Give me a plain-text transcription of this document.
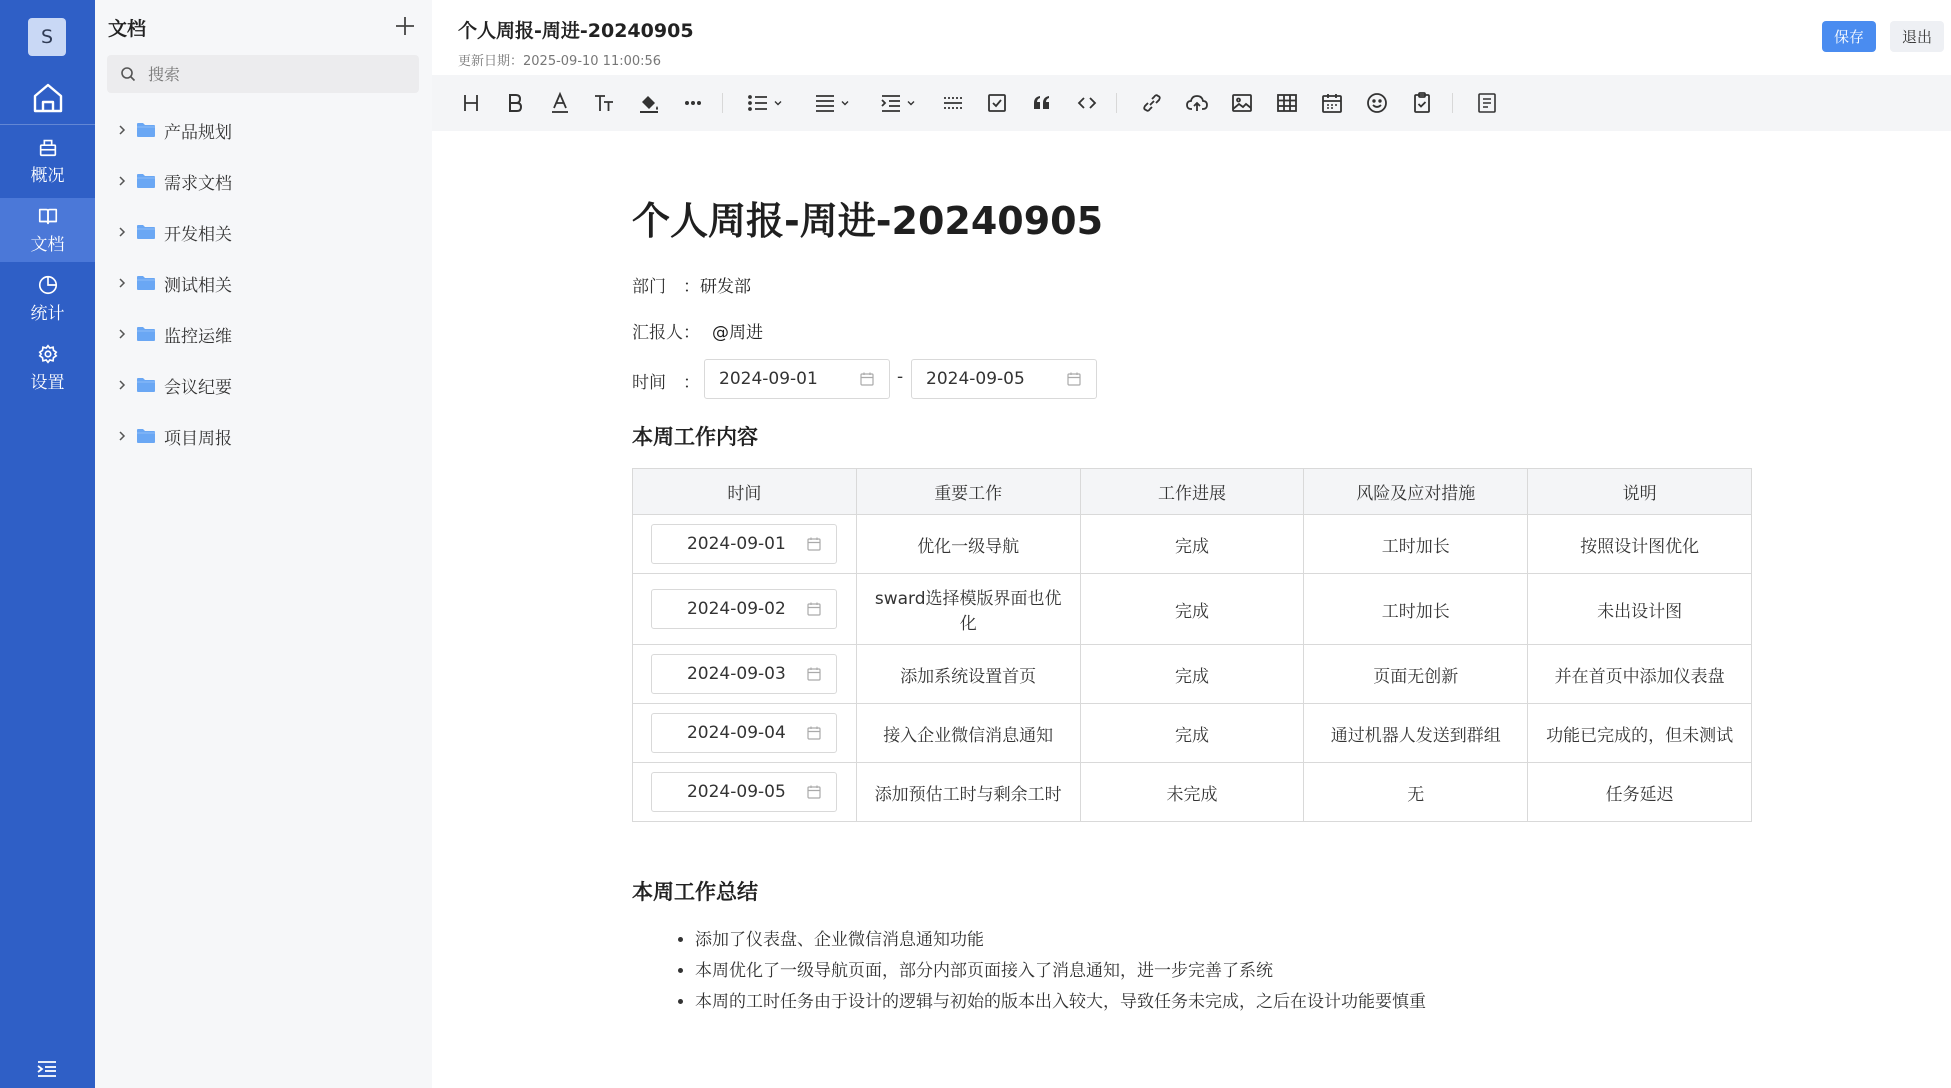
S
概况
文档
统计
设置
文档
搜索
产品规划
需求文档
开发相关
测试相关
监控运维
会议纪要
项目周报
个人周报-周进-20240905
更新日期：2025-09-10 11:00:56
保存	退出
个人周报-周进-20240905
部门　：研发部
汇报人： @周进
时间　： 2024-09-01	- 2024-09-05
本周工作内容
时间	重要工作	工作进展	风险及应对措施	说明

2024-09-01	优化一级导航	完成	工时加长	按照设计图优化

2024-09-02	sward选择模版界面也优化	完成	工时加长	未出设计图

2024-09-03	添加系统设置首页	完成	页面无创新	并在首页中添加仪表盘

2024-09-04	接入企业微信消息通知	完成	通过机器人发送到群组	功能已完成的，但未测试

2024-09-05	添加预估工时与剩余工时	未完成	无	任务延迟
本周工作总结
• 添加了仪表盘、企业微信消息通知功能
• 本周优化了一级导航页面，部分内部页面接入了消息通知，进一步完善了系统
• 本周的工时任务由于设计的逻辑与初始的版本出入较大，导致任务未完成，之后在设计功能要慎重
